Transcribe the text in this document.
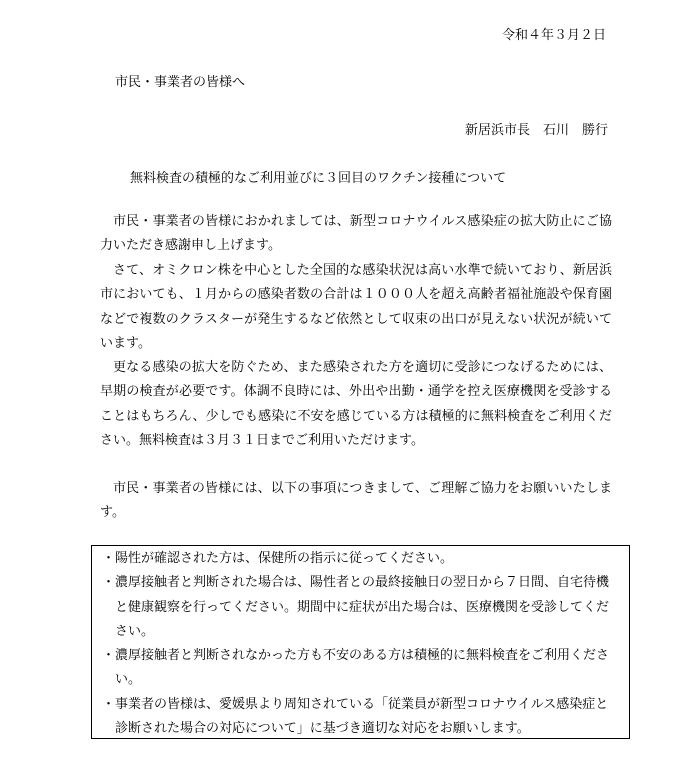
令和４年３月２日
市民・事業者の皆様へ
新居浜市長　石川　勝行
無料検査の積極的なご利用並びに３回目のワクチン接種について

市民・事業者の皆様におかれましては、新型コロナウイルス感染症の拡大防止にご協力いただき感謝申し上げます。

さて、オミクロン株を中心とした全国的な感染状況は高い水準で続いており、新居浜市においても、１月からの感染者数の合計は１０００人を超え高齢者福祉施設や保育園などで複数のクラスターが発生するなど依然として収束の出口が見えない状況が続いています。

更なる感染の拡大を防ぐため、また感染された方を適切に受診につなげるためには、早期の検査が必要です。体調不良時には、外出や出勤・通学を控え医療機関を受診することはもちろん、少しでも感染に不安を感じている方は積極的に無料検査をご利用ください。無料検査は３月３１日までご利用いただけます。

市民・事業者の皆様には、以下の事項につきまして、ご理解ご協力をお願いいたします。

・陽性が確認された方は、保健所の指示に従ってください。

・濃厚接触者と判断された場合は、陽性者との最終接触日の翌日から７日間、自宅待機と健康観察を行ってください。期間中に症状が出た場合は、医療機関を受診してください。

・濃厚接触者と判断されなかった方も不安のある方は積極的に無料検査をご利用ください。

・事業者の皆様は、愛媛県より周知されている「従業員が新型コロナウイルス感染症と診断された場合の対応について」に基づき適切な対応をお願いします。
